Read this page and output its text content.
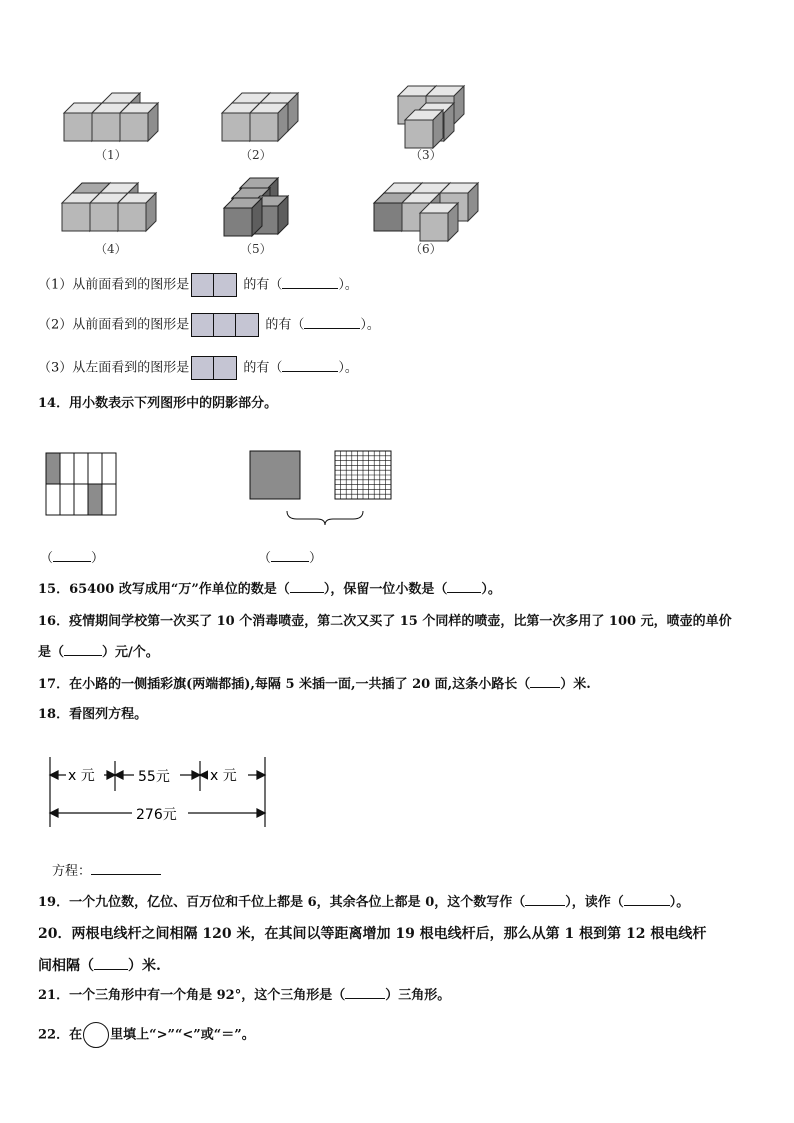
（1）	（2）	（3）
（4）	（5）	（6）
（1）从前面看到的图形是	的有（	）。
（2）从前面看到的图形是	的有（	）。
（3）从左面看到的图形是	的有（	）。
14．用小数表示下列图形中的阴影部分。
（	）	（	）
15．65400 改写成用“万”作单位的数是（	），保留一位小数是（	）。
16．疫情期间学校第一次买了 10 个消毒喷壶，第二次又买了 15 个同样的喷壶，比第一次多用了 100 元，喷壶的单价
是（	）元/个。
17．在小路的一侧插彩旗(两端都插),每隔 5 米插一面,一共插了 20 面,这条小路长（ ）米.
18．看图列方程。
x 元	55元	x 元
276元
方程：
19．一个九位数，亿位、百万位和千位上都是 6，其余各位上都是 0，这个数写作（	），读作（	）。
20．两根电线杆之间相隔 120 米，在其间以等距离增加 19 根电线杆后，那么从第 1 根到第 12 根电线杆
间相隔（ ）米.
21．一个三角形中有一个角是 92°，这个三角形是（	）三角形。
22．在 里填上“>”“<”或“＝”。
